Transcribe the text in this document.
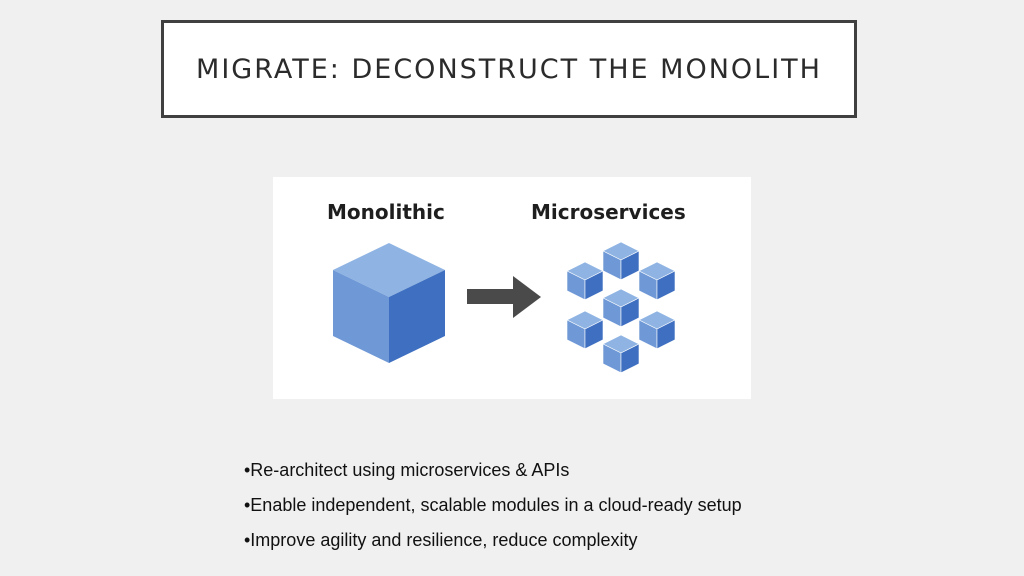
MIGRATE: DECONSTRUCT THE MONOLITH
Monolithic	Microservices
•Re-architect using microservices & APIs
•Enable independent, scalable modules in a cloud-ready setup
•Improve agility and resilience, reduce complexity
